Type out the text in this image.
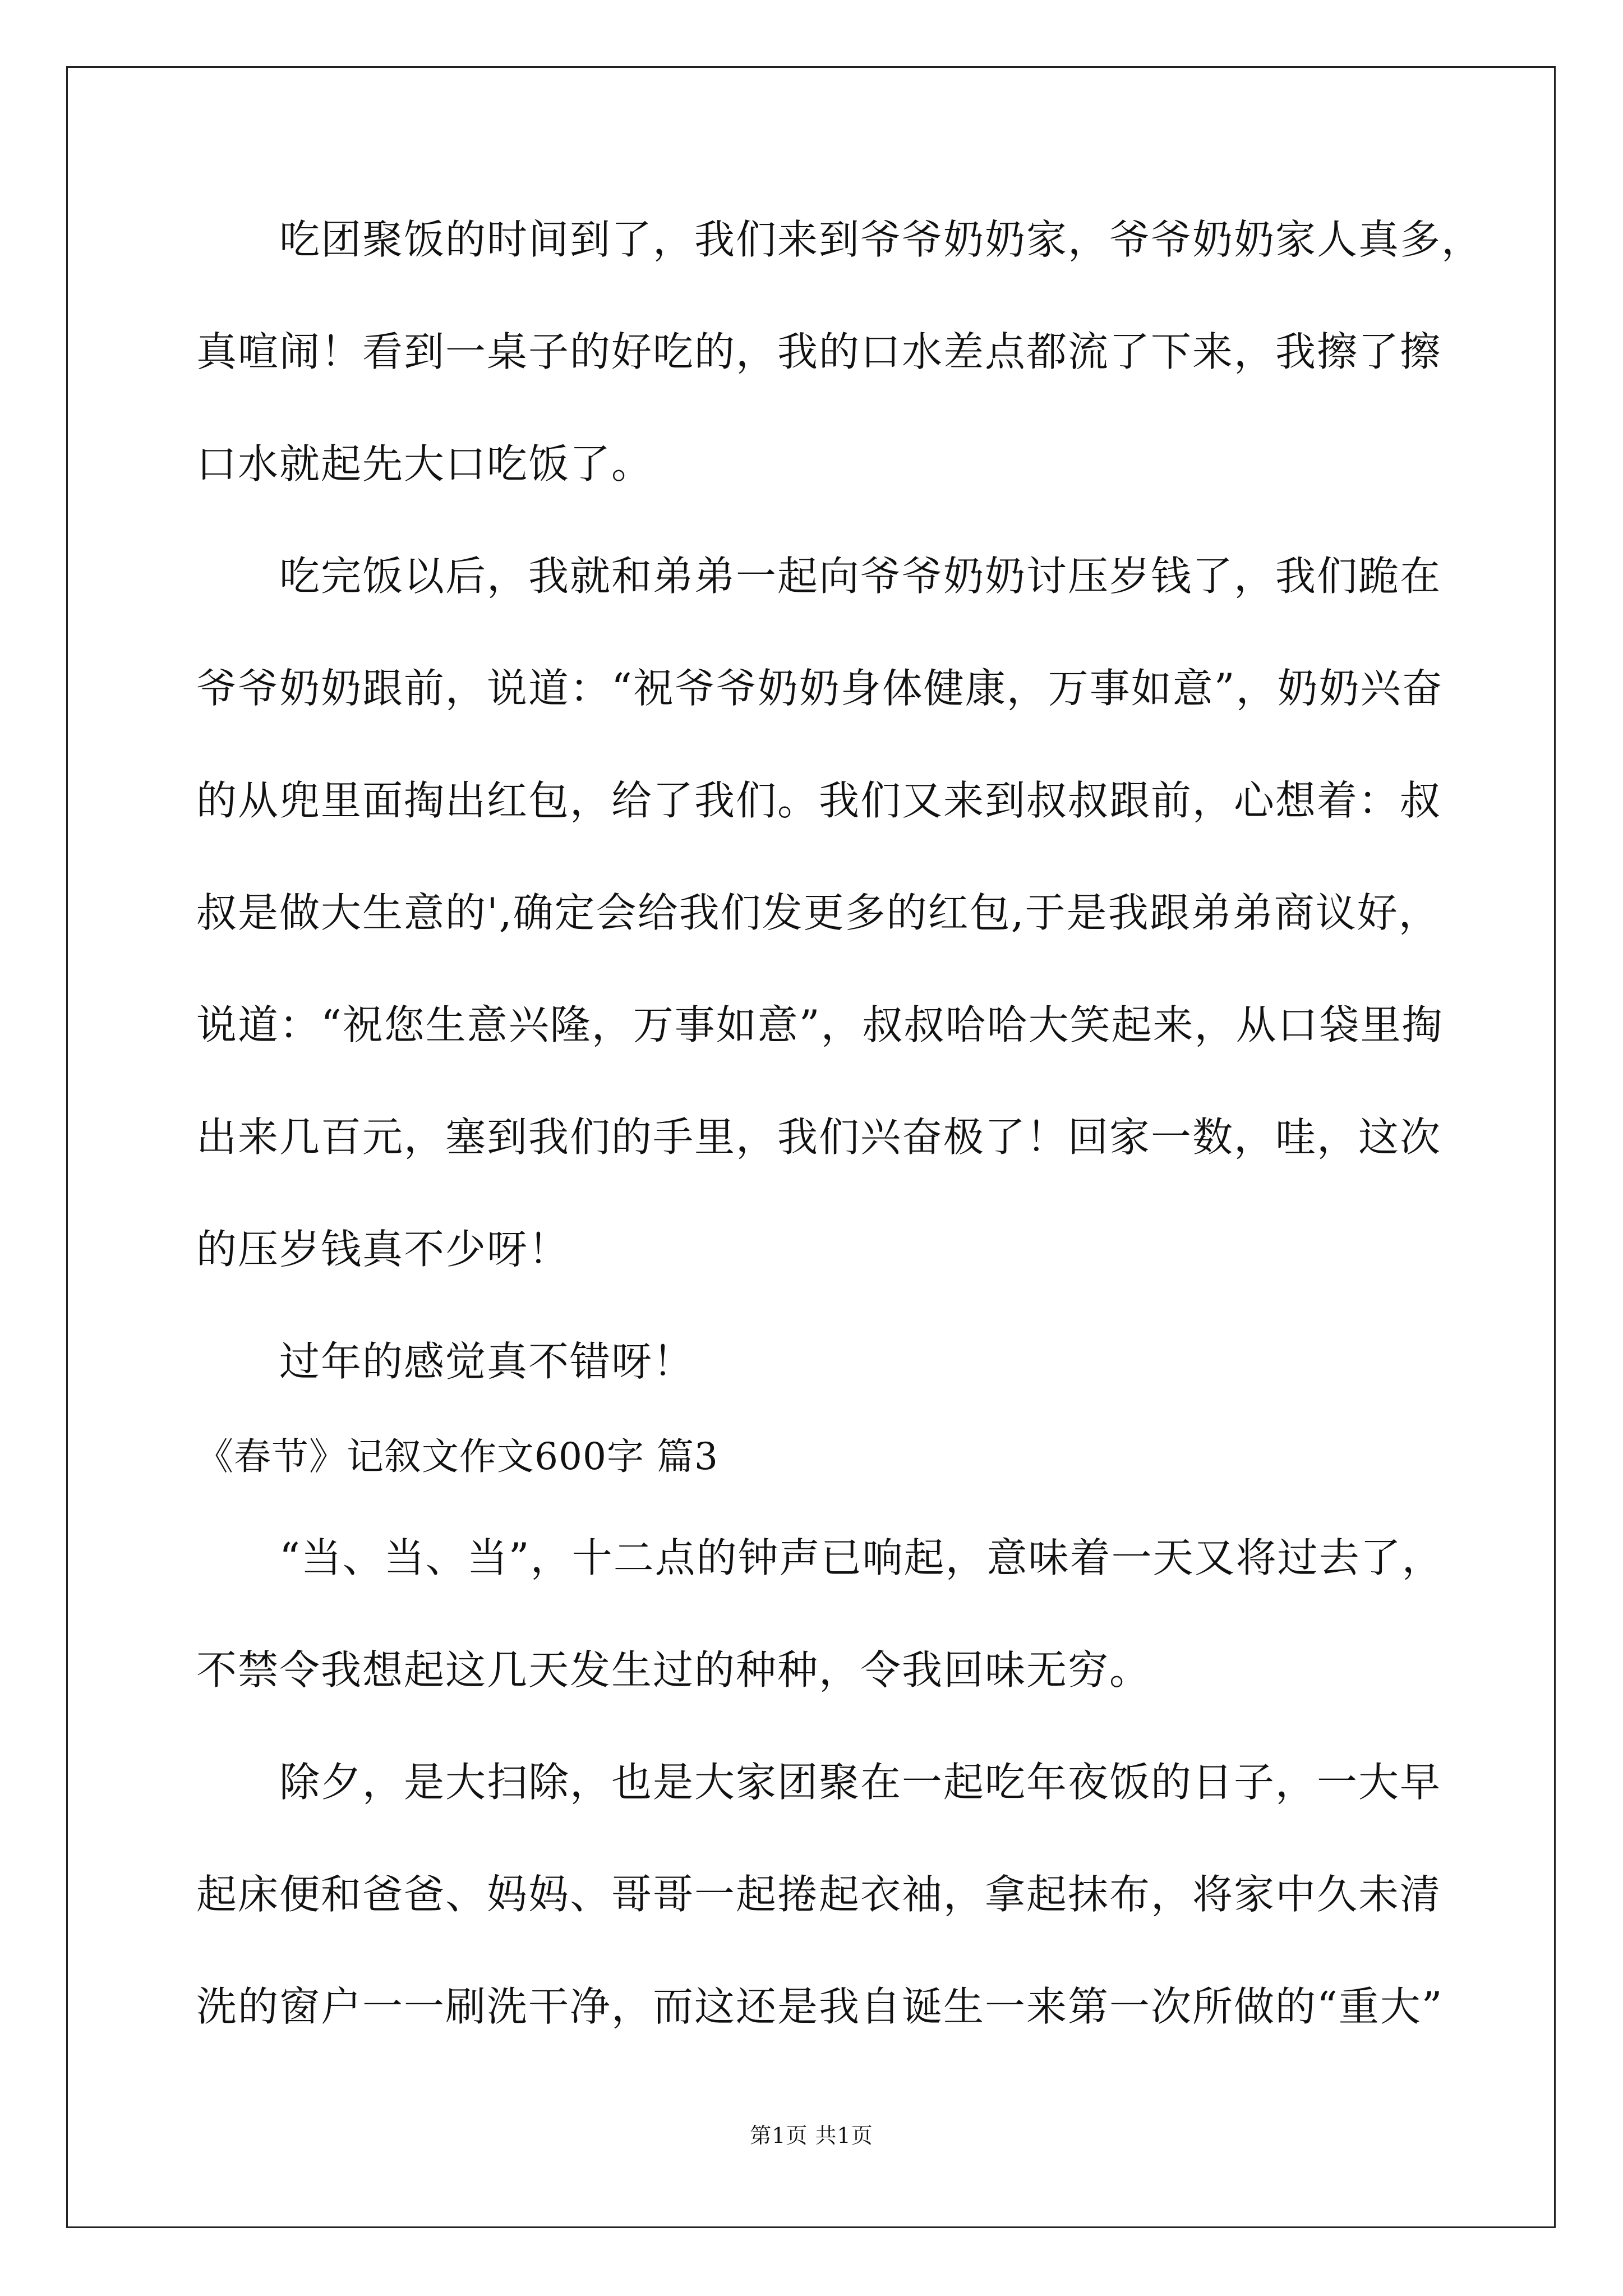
　　吃团聚饭的时间到了，我们来到爷爷奶奶家，爷爷奶奶家人真多，
真喧闹！看到一桌子的好吃的，我的口水差点都流了下来，我擦了擦
口水就起先大口吃饭了。
　　吃完饭以后，我就和弟弟一起向爷爷奶奶讨压岁钱了，我们跪在
爷爷奶奶跟前，说道：“祝爷爷奶奶身体健康，万事如意”，奶奶兴奋
的从兜里面掏出红包，给了我们。我们又来到叔叔跟前，心想着：叔
叔是做大生意的',确定会给我们发更多的红包,于是我跟弟弟商议好，
说道：“祝您生意兴隆，万事如意”，叔叔哈哈大笑起来，从口袋里掏
出来几百元，塞到我们的手里，我们兴奋极了！回家一数，哇，这次
的压岁钱真不少呀！
　　过年的感觉真不错呀！
《春节》记叙文作文600字 篇3
　　“当、当、当”，十二点的钟声已响起，意味着一天又将过去了，
不禁令我想起这几天发生过的种种，令我回味无穷。
　　除夕，是大扫除，也是大家团聚在一起吃年夜饭的日子，一大早
起床便和爸爸、妈妈、哥哥一起捲起衣袖，拿起抹布，将家中久未清
洗的窗户一一刷洗干净，而这还是我自诞生一来第一次所做的“重大”
第1页 共1页
